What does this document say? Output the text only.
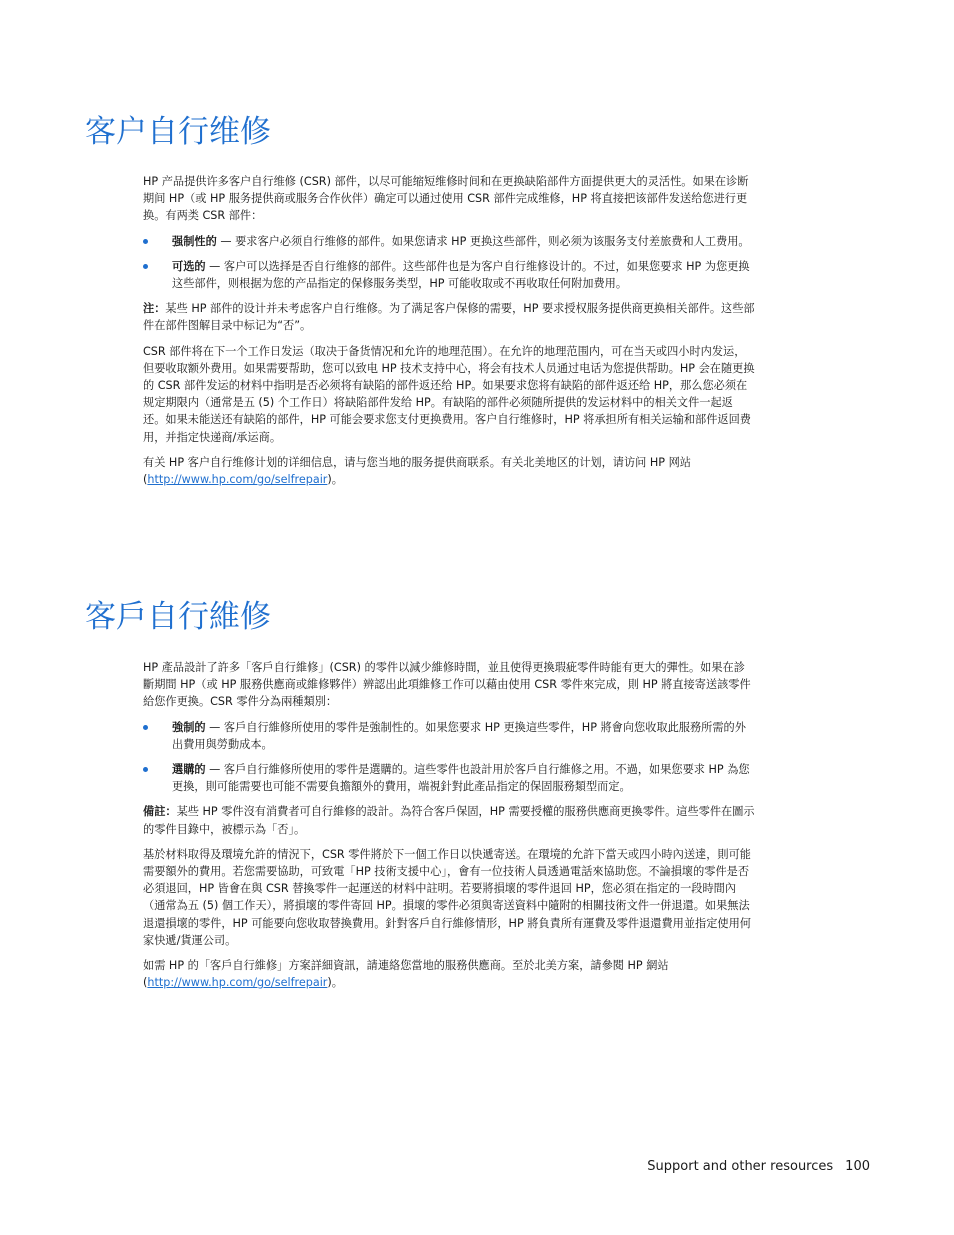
客户自行维修

HP 产品提供许多客户自行维修 (CSR) 部件，以尽可能缩短维修时间和在更换缺陷部件方面提供更大的灵活性。如果在诊断期间 HP（或 HP 服务提供商或服务合作伙伴）确定可以通过使用 CSR 部件完成维修，HP 将直接把该部件发送给您进行更换。有两类 CSR 部件：

强制性的 — 要求客户必须自行维修的部件。如果您请求 HP 更换这些部件，则必须为该服务支付差旅费和人工费用。
可选的 — 客户可以选择是否自行维修的部件。这些部件也是为客户自行维修设计的。不过，如果您要求 HP 为您更换这些部件，则根据为您的产品指定的保修服务类型，HP 可能收取或不再收取任何附加费用。

注：某些 HP 部件的设计并未考虑客户自行维修。为了满足客户保修的需要，HP 要求授权服务提供商更换相关部件。这些部件在部件图解目录中标记为“否”。

CSR 部件将在下一个工作日发运（取决于备货情况和允许的地理范围）。在允许的地理范围内，可在当天或四小时内发运，但要收取额外费用。如果需要帮助，您可以致电 HP 技术支持中心，将会有技术人员通过电话为您提供帮助。HP 会在随更换的 CSR 部件发运的材料中指明是否必须将有缺陷的部件返还给 HP。如果要求您将有缺陷的部件返还给 HP，那么您必须在规定期限内（通常是五 (5) 个工作日）将缺陷部件发给 HP。有缺陷的部件必须随所提供的发运材料中的相关文件一起返还。如果未能送还有缺陷的部件，HP 可能会要求您支付更换费用。客户自行维修时，HP 将承担所有相关运输和部件返回费用，并指定快递商/承运商。

有关 HP 客户自行维修计划的详细信息，请与您当地的服务提供商联系。有关北美地区的计划，请访问 HP 网站 (http://www.hp.com/go/selfrepair)。

客戶自行維修

HP 產品設計了許多「客戶自行維修」(CSR) 的零件以減少維修時間，並且使得更換瑕疵零件時能有更大的彈性。如果在診斷期間 HP（或 HP 服務供應商或維修夥伴）辨認出此項維修工作可以藉由使用 CSR 零件來完成，則 HP 將直接寄送該零件給您作更換。CSR 零件分為兩種類別：

強制的 — 客戶自行維修所使用的零件是強制性的。如果您要求 HP 更換這些零件，HP 將會向您收取此服務所需的外出費用與勞動成本。
選購的 — 客戶自行維修所使用的零件是選購的。這些零件也設計用於客戶自行維修之用。不過，如果您要求 HP 為您更換，則可能需要也可能不需要負擔額外的費用，端視針對此產品指定的保固服務類型而定。

備註：某些 HP 零件沒有消費者可自行維修的設計。為符合客戶保固，HP 需要授權的服務供應商更換零件。這些零件在圖示的零件目錄中，被標示為「否」。

基於材料取得及環境允許的情況下，CSR 零件將於下一個工作日以快遞寄送。在環境的允許下當天或四小時內送達，則可能需要額外的費用。若您需要協助，可致電「HP 技術支援中心」，會有一位技術人員透過電話來協助您。不論損壞的零件是否必須退回，HP 皆會在與 CSR 替換零件一起運送的材料中註明。若要將損壞的零件退回 HP，您必須在指定的一段時間內（通常為五 (5) 個工作天），將損壞的零件寄回 HP。損壞的零件必須與寄送資料中隨附的相關技術文件一併退還。如果無法退還損壞的零件，HP 可能要向您收取替換費用。針對客戶自行維修情形，HP 將負責所有運費及零件退還費用並指定使用何家快遞/貨運公司。

如需 HP 的「客戶自行維修」方案詳細資訊，請連絡您當地的服務供應商。至於北美方案，請參閱 HP 網站 (http://www.hp.com/go/selfrepair)。

Support and other resources 100
